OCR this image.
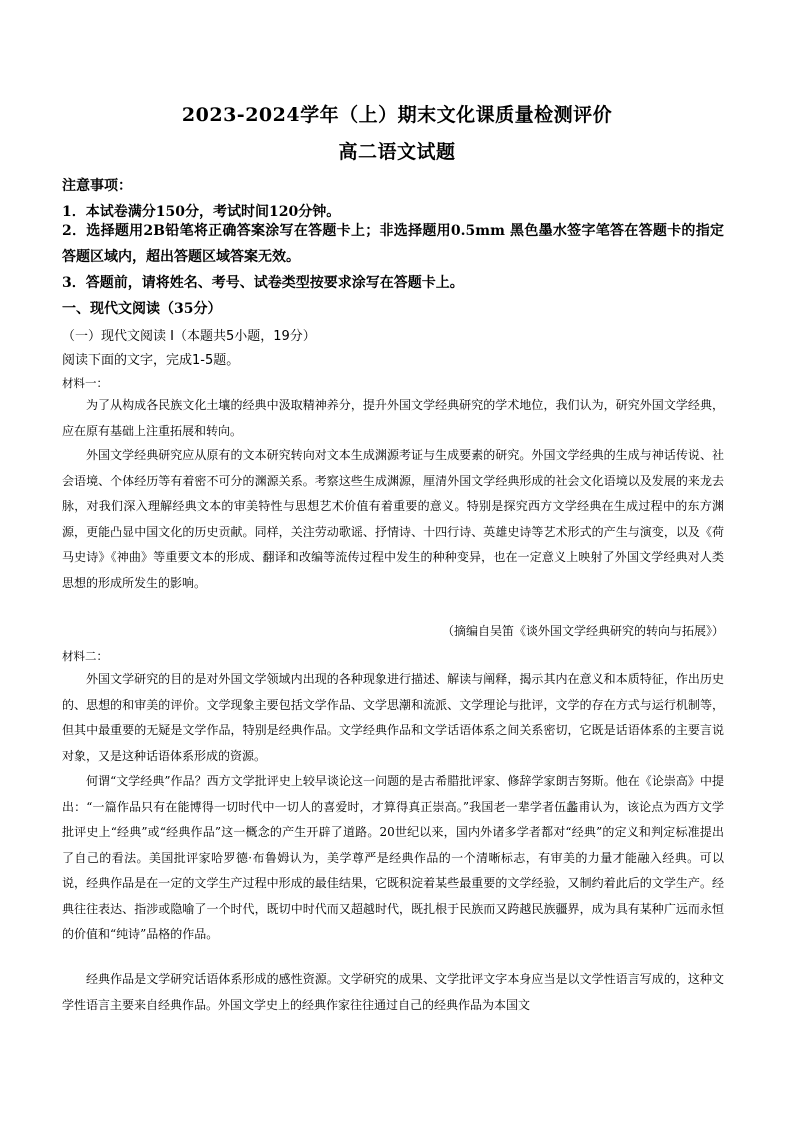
2023-2024学年（上）期末文化课质量检测评价
高二语文试题
注意事项：
1．本试卷满分150分，考试时间120分钟。

2．选择题用2B铅笔将正确答案涂写在答题卡上；非选择题用0.5mm 黑色墨水签字笔答在答题卡的指定答题区域内，超出答题区域答案无效。

3．答题前，请将姓名、考号、试卷类型按要求涂写在答题卡上。
一、现代文阅读（35分）
（一）现代文阅读 I（本题共5小题，19分）
阅读下面的文字，完成1-5题。
材料一：

为了从构成各民族文化土壤的经典中汲取精神养分，提升外国文学经典研究的学术地位，我们认为，研究外国文学经典，应在原有基础上注重拓展和转向。

外国文学经典研究应从原有的文本研究转向对文本生成渊源考证与生成要素的研究。外国文学经典的生成与神话传说、社会语境、个体经历等有着密不可分的渊源关系。考察这些生成渊源，厘清外国文学经典形成的社会文化语境以及发展的来龙去脉，对我们深入理解经典文本的审美特性与思想艺术价值有着重要的意义。特别是探究西方文学经典在生成过程中的东方渊源，更能凸显中国文化的历史贡献。同样，关注劳动歌谣、抒情诗、十四行诗、英雄史诗等艺术形式的产生与演变，以及《荷马史诗》《神曲》等重要文本的形成、翻译和改编等流传过程中发生的种种变异，也在一定意义上映射了外国文学经典对人类思想的形成所发生的影响。

（摘编自吴笛《谈外国文学经典研究的转向与拓展》）
材料二：

外国文学研究的目的是对外国文学领域内出现的各种现象进行描述、解读与阐释，揭示其内在意义和本质特征，作出历史的、思想的和审美的评价。文学现象主要包括文学作品、文学思潮和流派、文学理论与批评，文学的存在方式与运行机制等，但其中最重要的无疑是文学作品，特别是经典作品。文学经典作品和文学话语体系之间关系密切，它既是话语体系的主要言说对象，又是这种话语体系形成的资源。

何谓“文学经典”作品？西方文学批评史上较早谈论这一问题的是古希腊批评家、修辞学家朗吉努斯。他在《论崇高》中提出：“一篇作品只有在能博得一切时代中一切人的喜爱时，才算得真正崇高。”我国老一辈学者伍蠡甫认为，该论点为西方文学批评史上“经典”或“经典作品”这一概念的产生开辟了道路。20世纪以来，国内外诸多学者都对“经典”的定义和判定标准提出了自己的看法。美国批评家哈罗德·布鲁姆认为，美学尊严是经典作品的一个清晰标志，有审美的力量才能融入经典。可以说，经典作品是在一定的文学生产过程中形成的最佳结果，它既积淀着某些最重要的文学经验，又制约着此后的文学生产。经典往往表达、指涉或隐喻了一个时代，既切中时代而又超越时代，既扎根于民族而又跨越民族疆界，成为具有某种广远而永恒的价值和“纯诗”品格的作品。

经典作品是文学研究话语体系形成的感性资源。文学研究的成果、文学批评文字本身应当是以文学性语言写成的，这种文学性语言主要来自经典作品。外国文学史上的经典作家往往通过自己的经典作品为本国文
